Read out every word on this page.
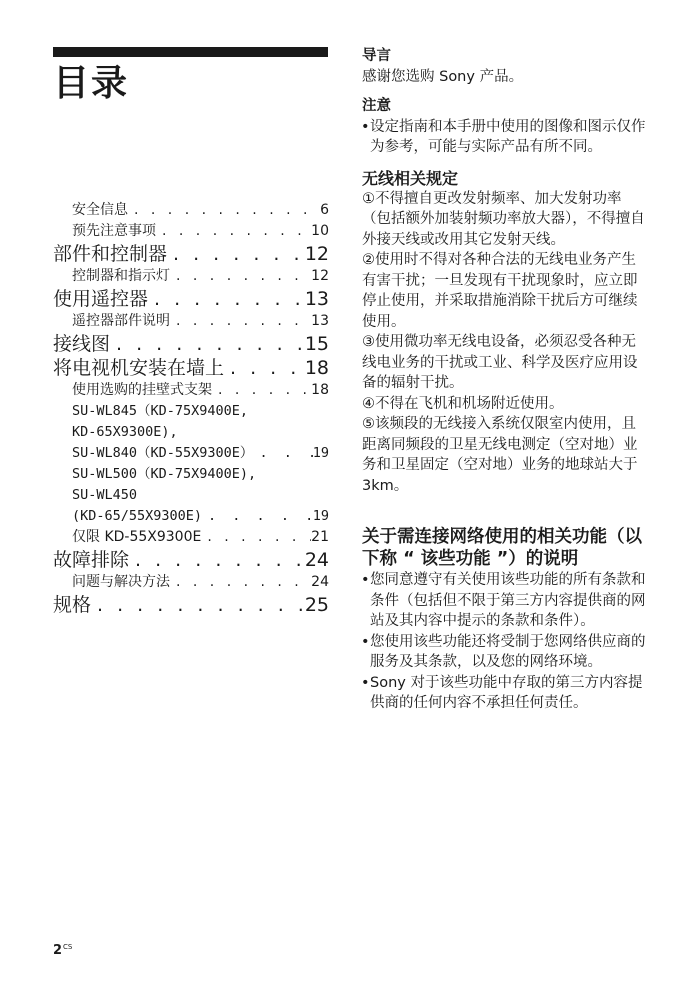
目录
安全信息 . . .	6
预先注意事项 . . .	10
部件和控制器 . . .	12
控制器和指示灯 . . .	12
使用遥控器 . . .	13
遥控器部件说明 . . .	13
接线图 . . .	15
将电视机安装在墙上 . . .	18
使用选购的挂壁式支架 . . .	18
SU-WL845（KD-75X9400E,
KD-65X9300E),
SU-WL840（KD-55X9300E） . . .	19
SU-WL500（KD-75X9400E),
SU-WL450
(KD-65/55X9300E) . . .	19
仅限 KD-55X9300E . . .	21
故障排除 . . .	24
问题与解决方法 . . .	24
规格 . . .	25
$2^{CS}$

导言

感谢您选购 Sony 产品。

注意

• 设定指南和本手册中使用的图像和图示仅作为参考，可能与实际产品有所不同。

无线相关规定

①不得擅自更改发射频率、加大发射功率（包括额外加装射频功率放大器），不得擅自外接天线或改用其它发射天线。

②使用时不得对各种合法的无线电业务产生有害干扰；一旦发现有干扰现象时，应立即停止使用，并采取措施消除干扰后方可继续使用。

③使用微功率无线电设备，必须忍受各种无线电业务的干扰或工业、科学及医疗应用设备的辐射干扰。

④不得在飞机和机场附近使用。

⑤该频段的无线接入系统仅限室内使用，且距离同频段的卫星无线电测定（空对地）业务和卫星固定（空对地）业务的地球站大于 3km。

关于需连接网络使用的相关功能（以下称 “ 该些功能 ”）的说明

• 您同意遵守有关使用该些功能的所有条款和条件（包括但不限于第三方内容提供商的网站及其内容中提示的条款和条件）。

• 您使用该些功能还将受制于您网络供应商的服务及其条款，以及您的网络环境。

• Sony 对于该些功能中存取的第三方内容提供商的任何内容不承担任何责任。
